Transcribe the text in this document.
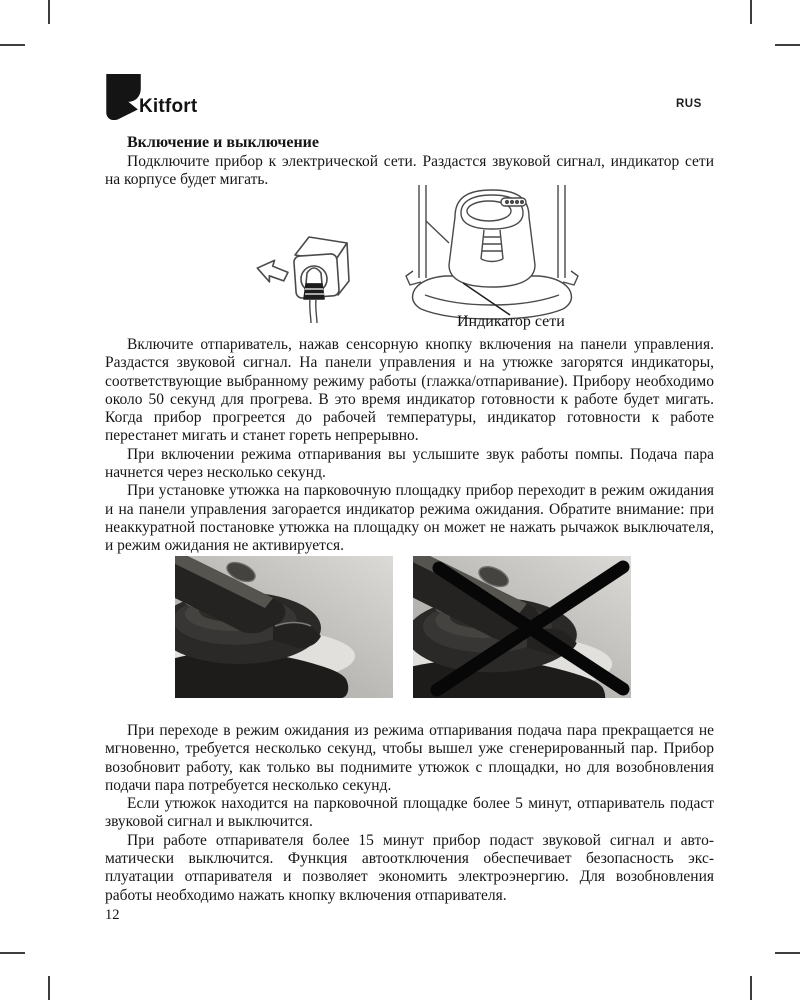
Kitfort	RUS
Включение и выключение

Подключите прибор к электрической сети. Раздастся звуковой сигнал, индикатор сети на корпусе будет мигать.

Индикатор сети

Включите отпариватель, нажав сенсорную кнопку включения на панели управления. Раздастся звуковой сигнал. На панели управления и на утюжке загорятся индикаторы, соответствующие выбранному режиму работы (глажка/отпаривание). Прибору необходимо около 50 секунд для прогрева. В это время индикатор готовности к работе будет мигать. Когда прибор прогреется до рабочей температуры, индикатор готовности к работе перестанет мигать и станет гореть непрерывно.

При включении режима отпаривания вы услышите звук работы помпы. Подача пара начнется через несколько секунд.

При установке утюжка на парковочную площадку прибор переходит в режим ожидания и на панели управления загорается индикатор режима ожидания. Обратите внимание: при неаккуратной постановке утюжка на площадку он может не нажать рычажок выключателя, и режим ожидания не активируется.

При переходе в режим ожидания из режима отпаривания подача пара прекращается не мгновенно, требуется несколько секунд, чтобы вышел уже сгенерированный пар. Прибор возобновит работу, как только вы поднимите утюжок с площадки, но для возобновления подачи пара потребуется несколько секунд.

Если утюжок находится на парковочной площадке более 5 минут, отпариватель подаст звуковой сигнал и выключится.

При работе отпаривателя более 15 минут прибор подаст звуковой сигнал и автоматически выключится. Функция автоотключения обеспечивает безопасность эксплуатации отпаривателя и позволяет экономить электроэнергию. Для возобновления работы необходимо нажать кнопку включения отпаривателя.

12
